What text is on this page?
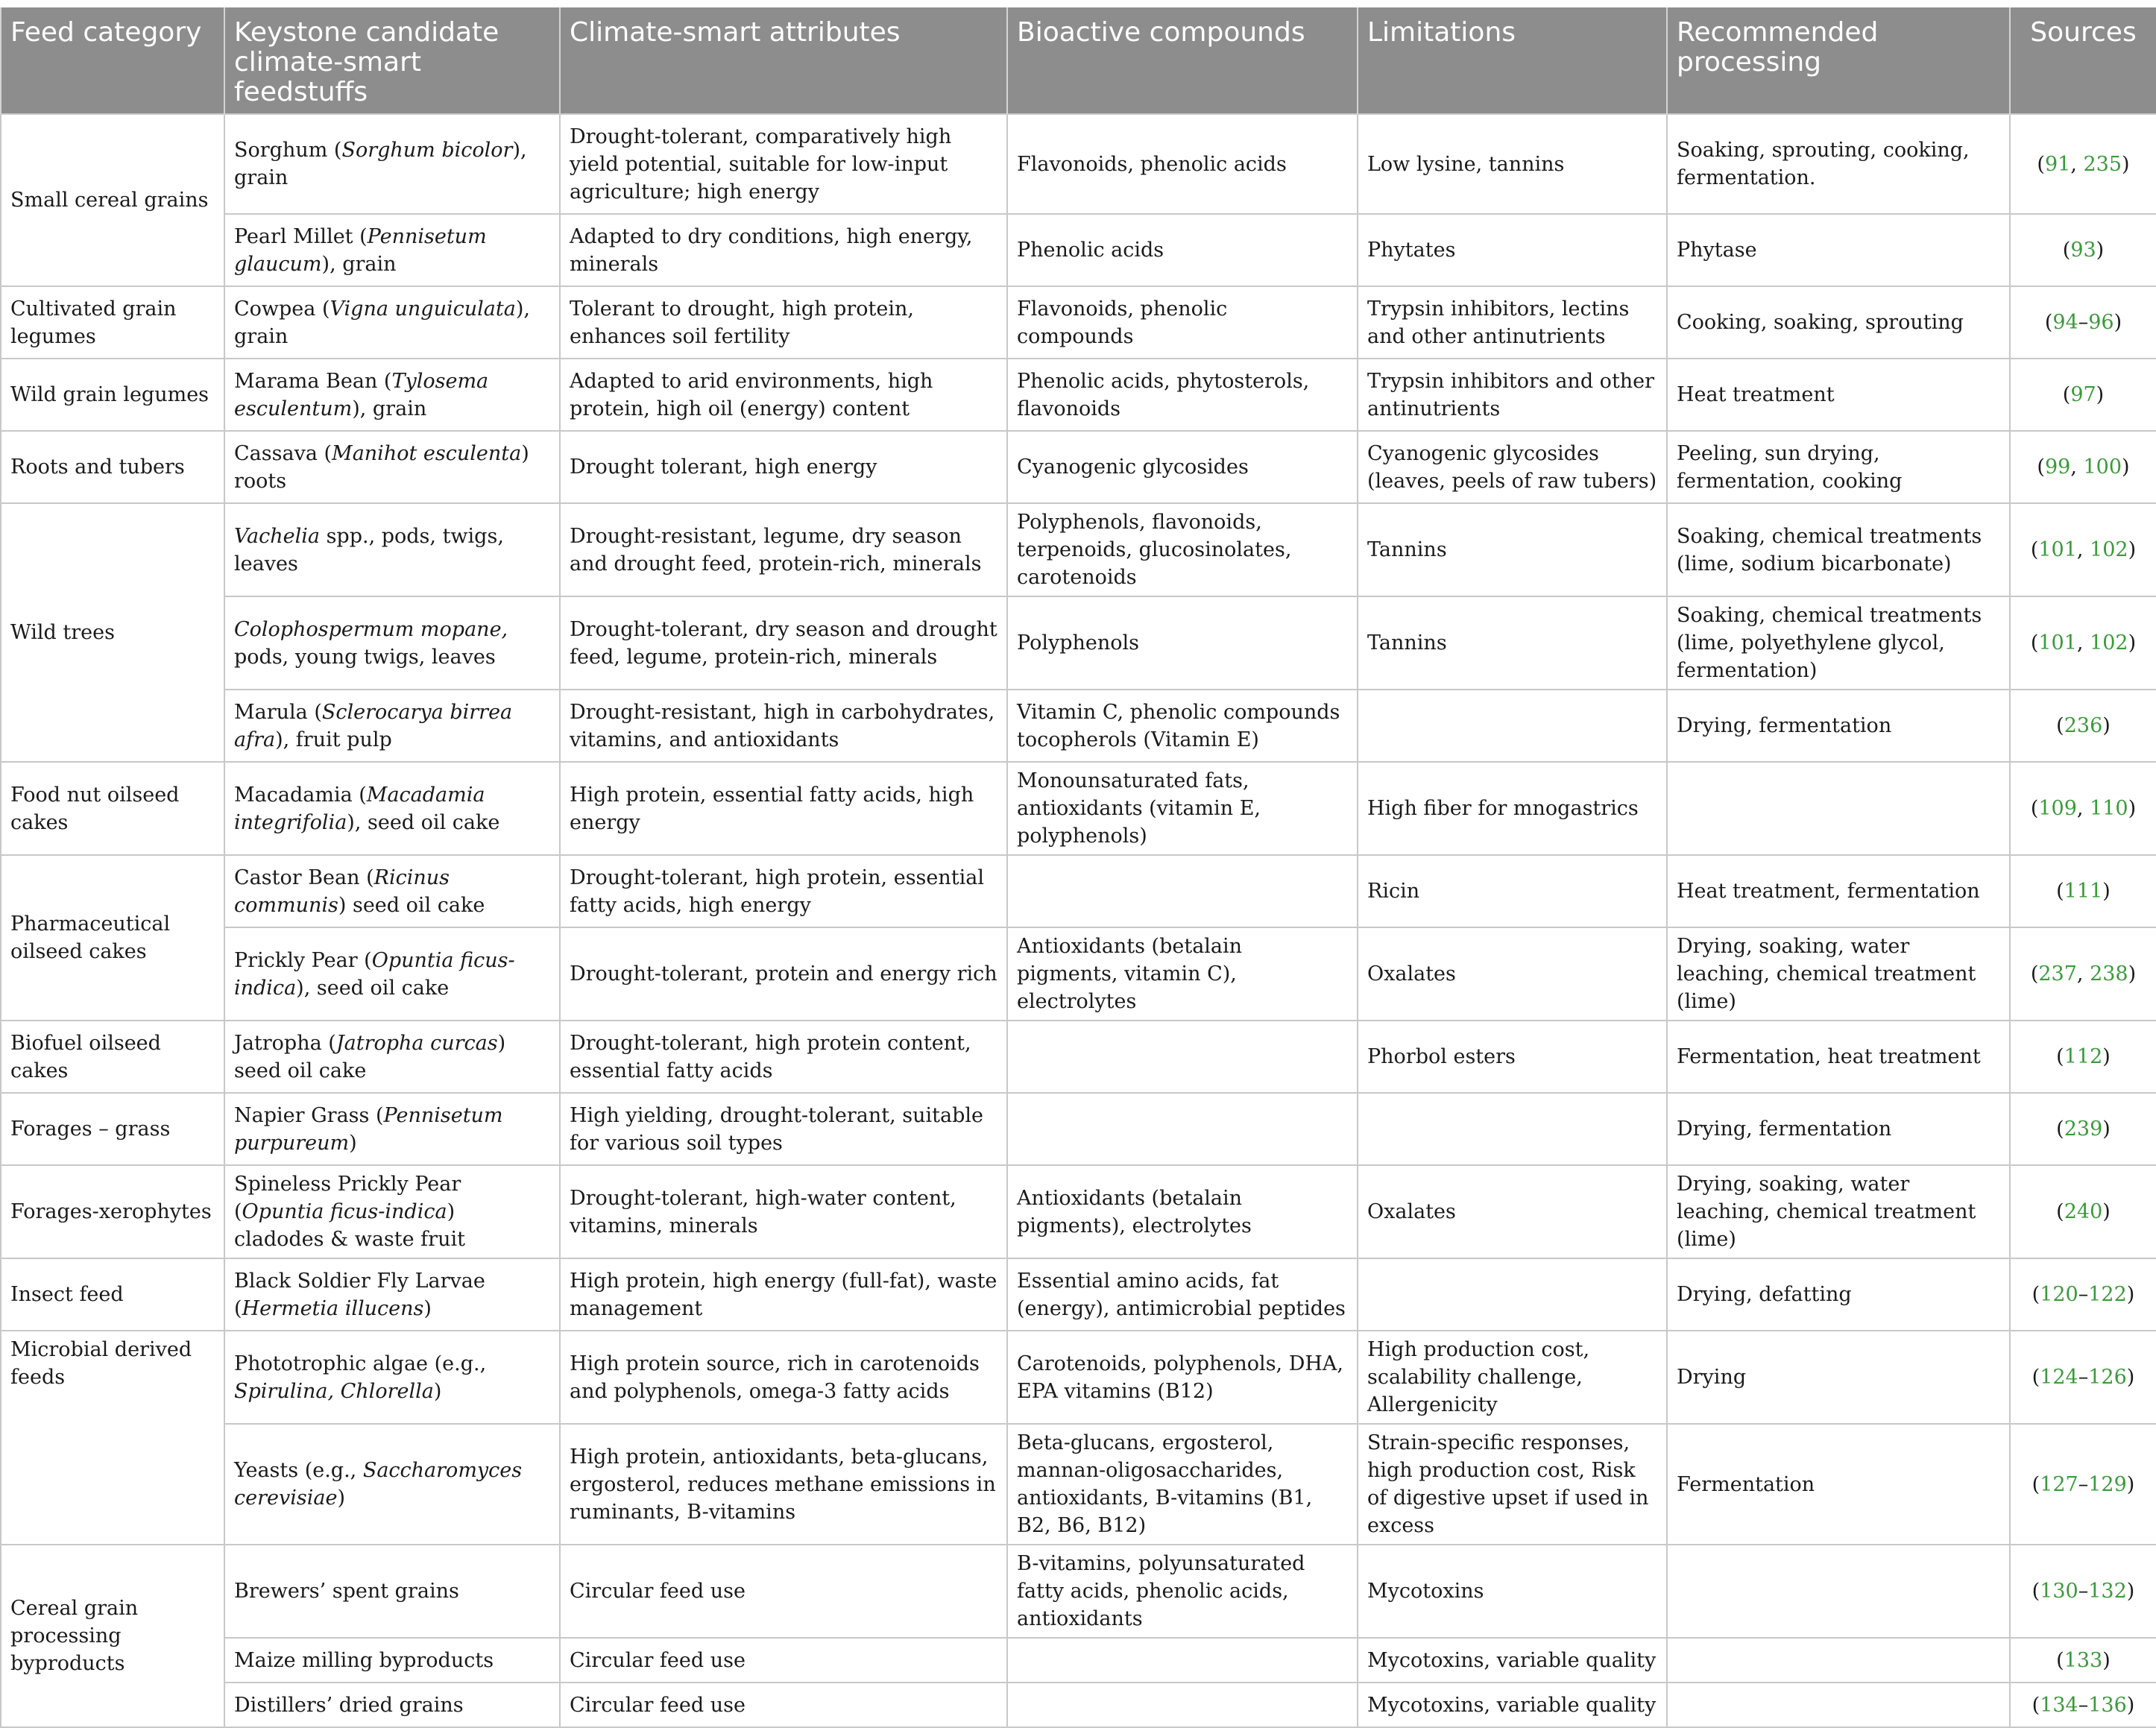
Feed category	Keystone candidate climate-smart feedstuffs	Climate-smart attributes	Bioactive compounds	Limitations	Recommended processing	Sources
Small cereal grains	Sorghum (Sorghum bicolor), grain	Drought-tolerant, comparatively high yield potential, suitable for low-input agriculture; high energy	Flavonoids, phenolic acids	Low lysine, tannins	Soaking, sprouting, cooking, fermentation.	(91, 235)
	Pearl Millet (Pennisetum glaucum), grain	Adapted to dry conditions, high energy, minerals	Phenolic acids	Phytates	Phytase	(93)
Cultivated grain legumes	Cowpea (Vigna unguiculata), grain	Tolerant to drought, high protein, enhances soil fertility	Flavonoids, phenolic compounds	Trypsin inhibitors, lectins and other antinutrients	Cooking, soaking, sprouting	(94–96)
Wild grain legumes	Marama Bean (Tylosema esculentum), grain	Adapted to arid environments, high protein, high oil (energy) content	Phenolic acids, phytosterols, flavonoids	Trypsin inhibitors and other antinutrients	Heat treatment	(97)
Roots and tubers	Cassava (Manihot esculenta) roots	Drought tolerant, high energy	Cyanogenic glycosides	Cyanogenic glycosides (leaves, peels of raw tubers)	Peeling, sun drying, fermentation, cooking	(99, 100)
Wild trees	Vachelia spp., pods, twigs, leaves	Drought-resistant, legume, dry season and drought feed, protein-rich, minerals	Polyphenols, flavonoids, terpenoids, glucosinolates, carotenoids	Tannins	Soaking, chemical treatments (lime, sodium bicarbonate)	(101, 102)
	Colophospermum mopane, pods, young twigs, leaves	Drought-tolerant, dry season and drought feed, legume, protein-rich, minerals	Polyphenols	Tannins	Soaking, chemical treatments (lime, polyethylene glycol, fermentation)	(101, 102)
	Marula (Sclerocarya birrea afra), fruit pulp	Drought-resistant, high in carbohydrates, vitamins, and antioxidants	Vitamin C, phenolic compounds tocopherols (Vitamin E)		Drying, fermentation	(236)
Food nut oilseed cakes	Macadamia (Macadamia integrifolia), seed oil cake	High protein, essential fatty acids, high energy	Monounsaturated fats, antioxidants (vitamin E, polyphenols)	High fiber for mnogastrics		(109, 110)
Pharmaceutical oilseed cakes	Castor Bean (Ricinus communis) seed oil cake	Drought-tolerant, high protein, essential fatty acids, high energy		Ricin	Heat treatment, fermentation	(111)
	Prickly Pear (Opuntia ficus-indica), seed oil cake	Drought-tolerant, protein and energy rich	Antioxidants (betalain pigments, vitamin C), electrolytes	Oxalates	Drying, soaking, water leaching, chemical treatment (lime)	(237, 238)
Biofuel oilseed cakes	Jatropha (Jatropha curcas) seed oil cake	Drought-tolerant, high protein content, essential fatty acids		Phorbol esters	Fermentation, heat treatment	(112)
Forages – grass	Napier Grass (Pennisetum purpureum)	High yielding, drought-tolerant, suitable for various soil types			Drying, fermentation	(239)
Forages-xerophytes	Spineless Prickly Pear (Opuntia ficus-indica) cladodes & waste fruit	Drought-tolerant, high-water content, vitamins, minerals	Antioxidants (betalain pigments), electrolytes	Oxalates	Drying, soaking, water leaching, chemical treatment (lime)	(240)
Insect feed	Black Soldier Fly Larvae (Hermetia illucens)	High protein, high energy (full-fat), waste management	Essential amino acids, fat (energy), antimicrobial peptides		Drying, defatting	(120–122)
Microbial derived feeds	Phototrophic algae (e.g., Spirulina, Chlorella)	High protein source, rich in carotenoids and polyphenols, omega-3 fatty acids	Carotenoids, polyphenols, DHA, EPA vitamins (B12)	High production cost, scalability challenge, Allergenicity	Drying	(124–126)
	Yeasts (e.g., Saccharomyces cerevisiae)	High protein, antioxidants, beta-glucans, ergosterol, reduces methane emissions in ruminants, B-vitamins	Beta-glucans, ergosterol, mannan-oligosaccharides, antioxidants, B-vitamins (B1, B2, B6, B12)	Strain-specific responses, high production cost, Risk of digestive upset if used in excess	Fermentation	(127–129)
Cereal grain processing byproducts	Brewers’ spent grains	Circular feed use	B-vitamins, polyunsaturated fatty acids, phenolic acids, antioxidants	Mycotoxins		(130–132)
	Maize milling byproducts	Circular feed use		Mycotoxins, variable quality		(133)
	Distillers’ dried grains	Circular feed use		Mycotoxins, variable quality		(134–136)
